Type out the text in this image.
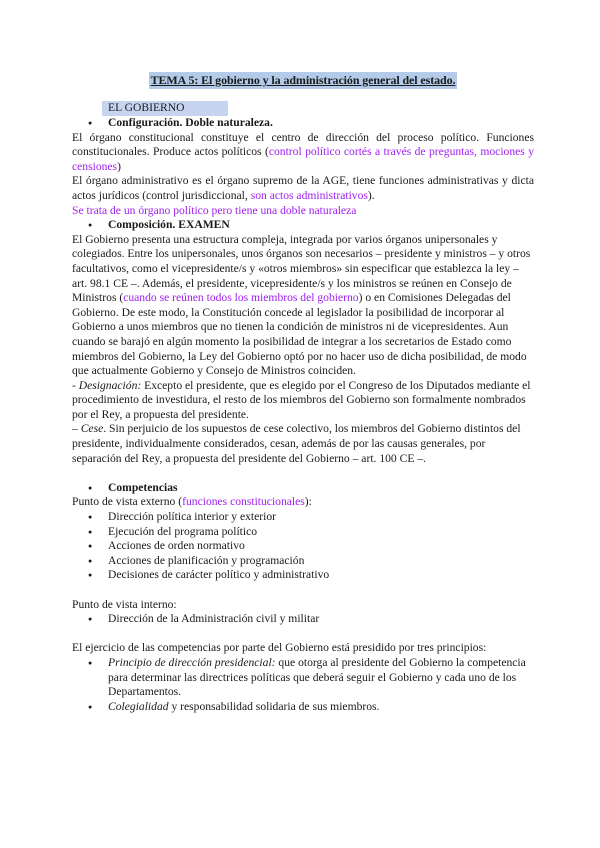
TEMA 5: El gobierno y la administración general del estado.
EL GOBIERNO

● Configuración. Doble naturaleza.

El órgano constitucional constituye el centro de dirección del proceso político. Funciones constitucionales. Produce actos políticos (control político cortés a través de preguntas, mociones y censiones)

El órgano administrativo es el órgano supremo de la AGE, tiene funciones administrativas y dicta actos jurídicos (control jurisdiccional, son actos administrativos).

Se trata de un órgano político pero tiene una doble naturaleza

● Composición. EXAMEN

El Gobierno presenta una estructura compleja, integrada por varios órganos unipersonales y colegiados. Entre los unipersonales, unos órganos son necesarios – presidente y ministros – y otros facultativos, como el vicepresidente/s y «otros miembros» sin especificar que establezca la ley – art. 98.1 CE –. Además, el presidente, vicepresidente/s y los ministros se reúnen en Consejo de Ministros (cuando se reúnen todos los miembros del gobierno) o en Comisiones Delegadas del Gobierno. De este modo, la Constitución concede al legislador la posibilidad de incorporar al Gobierno a unos miembros que no tienen la condición de ministros ni de vicepresidentes. Aun cuando se barajó en algún momento la posibilidad de integrar a los secretarios de Estado como miembros del Gobierno, la Ley del Gobierno optó por no hacer uso de dicha posibilidad, de modo que actualmente Gobierno y Consejo de Ministros coinciden.

- Designación: Excepto el presidente, que es elegido por el Congreso de los Diputados mediante el procedimiento de investidura, el resto de los miembros del Gobierno son formalmente nombrados por el Rey, a propuesta del presidente.

– Cese. Sin perjuicio de los supuestos de cese colectivo, los miembros del Gobierno distintos del presidente, individualmente considerados, cesan, además de por las causas generales, por separación del Rey, a propuesta del presidente del Gobierno – art. 100 CE –.

● Competencias

Punto de vista externo (funciones constitucionales):

● Dirección política interior y exterior
● Ejecución del programa político
● Acciones de orden normativo
● Acciones de planificación y programación
● Decisiones de carácter político y administrativo

Punto de vista interno:

● Dirección de la Administración civil y militar

El ejercicio de las competencias por parte del Gobierno está presidido por tres principios:

● Principio de dirección presidencial: que otorga al presidente del Gobierno la competencia para determinar las directrices políticas que deberá seguir el Gobierno y cada uno de los Departamentos.
● Colegialidad y responsabilidad solidaria de sus miembros.
